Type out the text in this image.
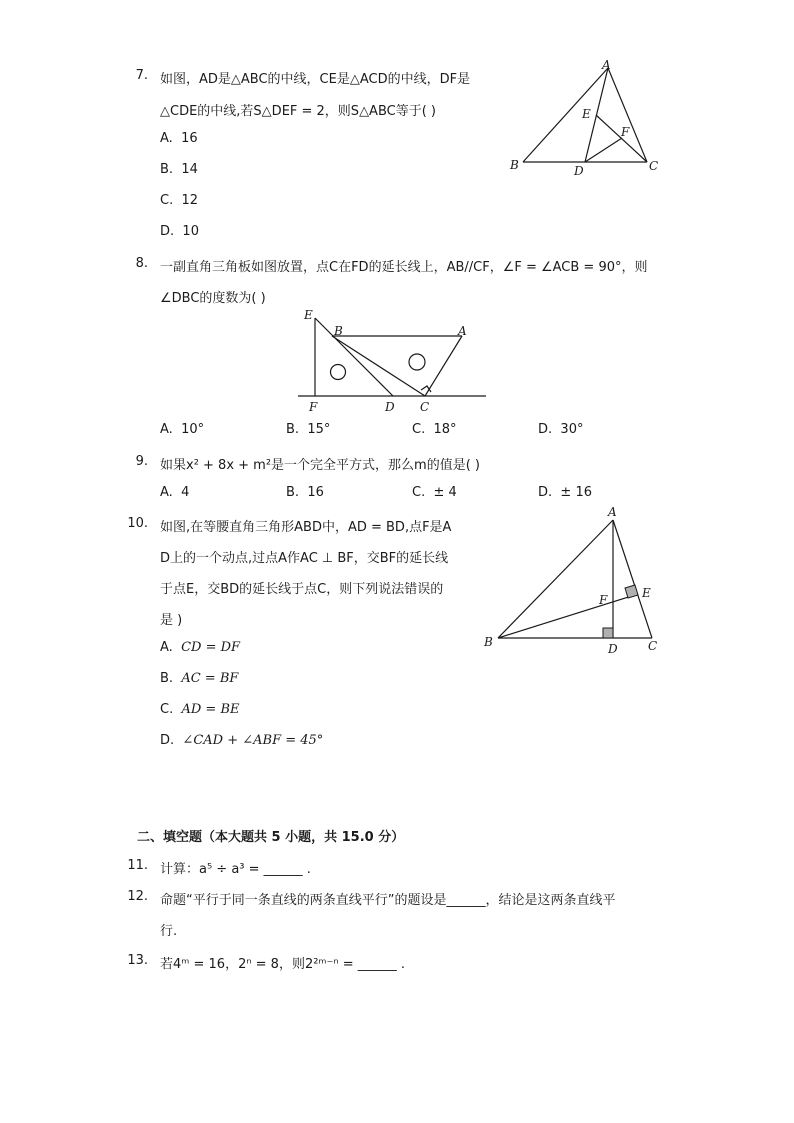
7. 如图，AD是△ABC的中线，CE是△ACD的中线，DF是
△CDE的中线,若S△DEF = 2，则S△ABC等于( )
A. 16
B. 14
C. 12
D. 10
A
B	C
D
E
F
8. 一副直角三角板如图放置，点C在FD的延长线上，AB//CF，∠F = ∠ACB = 90°，则
∠DBC的度数为( )
E
B	A
F	D C
A. 10°	B. 15°	C. 18°	D. 30°
9. 如果x² + 8x + m²是一个完全平方式，那么m的值是( )
A. 4	B. 16	C. ± 4	D. ± 16
10. 如图,在等腰直角三角形ABD中，AD = BD,点F是A
D上的一个动点,过点A作AC ⊥ BF，交BF的延长线
于点E，交BD的延长线于点C，则下列说法错误的
是 )
A. CD = DF
B. AC = BF
C. AD = BE
D. ∠CAD + ∠ABF = 45°
A
B	C
D
E
F
二、填空题（本大题共 5 小题，共 15.0 分）
11. 计算：a⁵ ÷ a³ = ______ .
12. 命题“平行于同一条直线的两条直线平行”的题设是______，结论是这两条直线平
行.
13. 若4ᵐ = 16，2ⁿ = 8，则2²ᵐ⁻ⁿ = ______ .
